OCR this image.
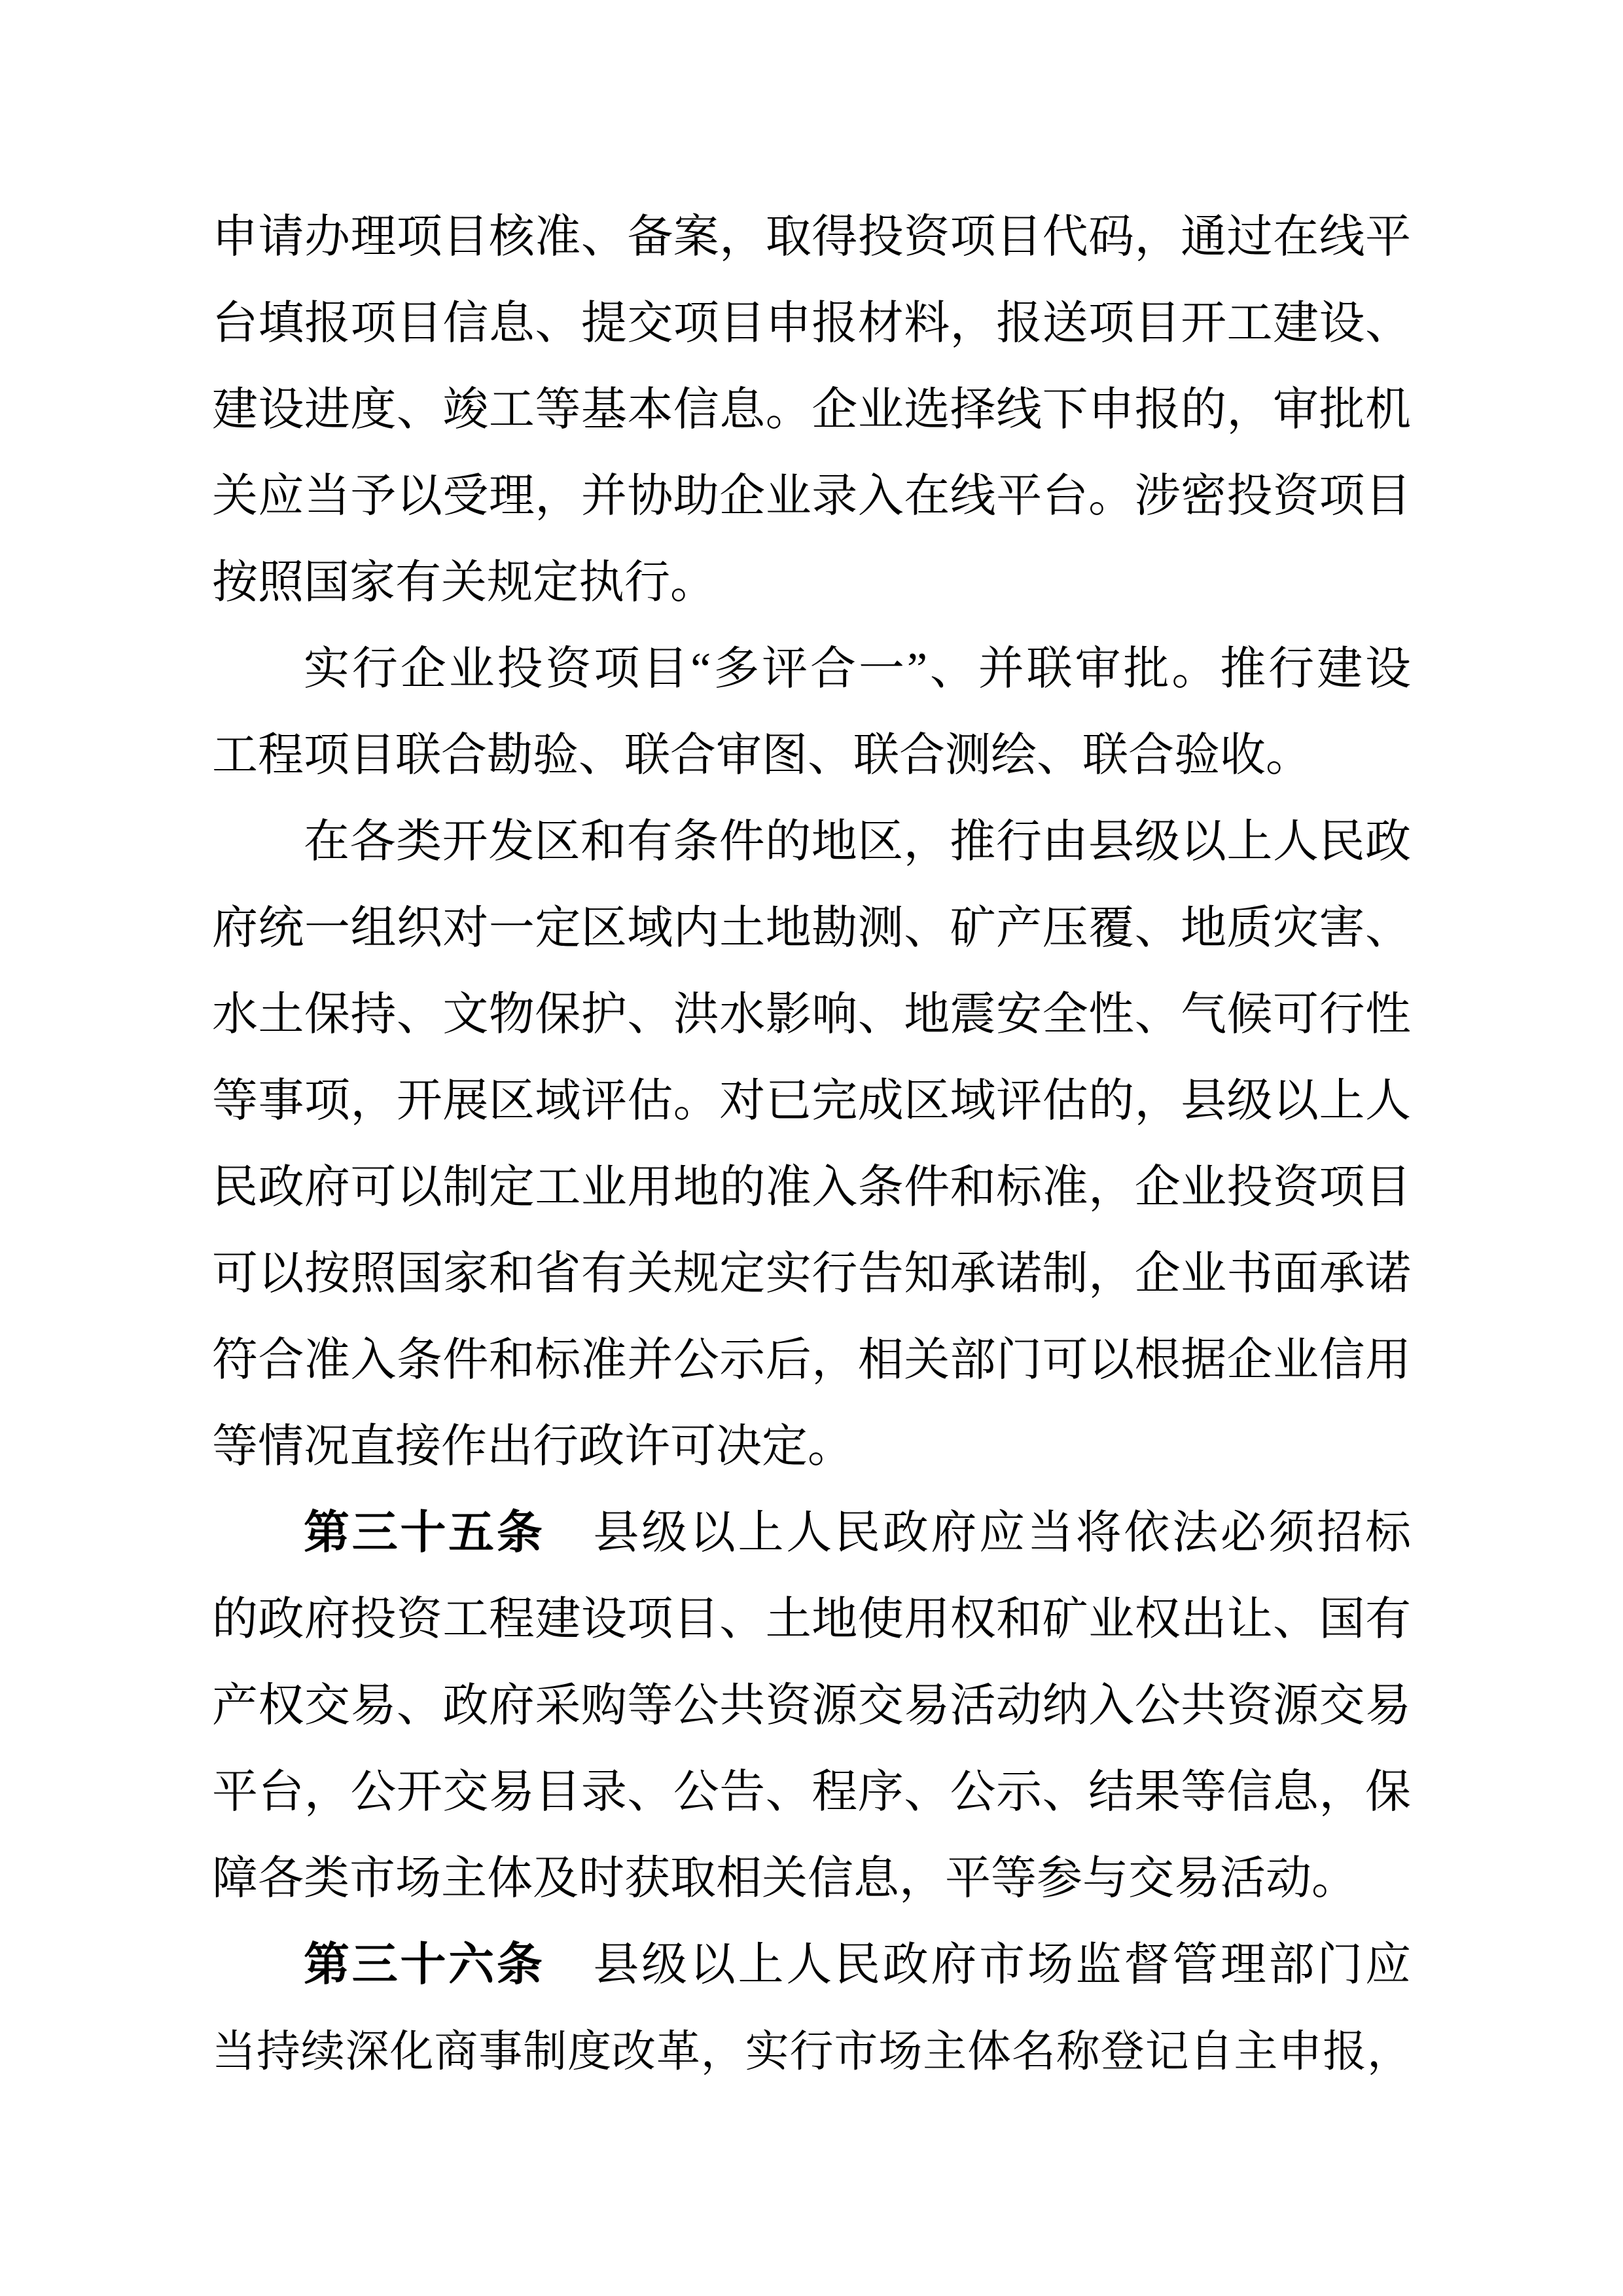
申请办理项目核准、备案，取得投资项目代码，通过在线平
台填报项目信息、提交项目申报材料，报送项目开工建设、
建设进度、竣工等基本信息。企业选择线下申报的，审批机
关应当予以受理，并协助企业录入在线平台。涉密投资项目
按照国家有关规定执行。
实行企业投资项目“多评合一”、并联审批。推行建设
工程项目联合勘验、联合审图、联合测绘、联合验收。
在各类开发区和有条件的地区，推行由县级以上人民政
府统一组织对一定区域内土地勘测、矿产压覆、地质灾害、
水土保持、文物保护、洪水影响、地震安全性、气候可行性
等事项，开展区域评估。对已完成区域评估的，县级以上人
民政府可以制定工业用地的准入条件和标准，企业投资项目
可以按照国家和省有关规定实行告知承诺制，企业书面承诺
符合准入条件和标准并公示后，相关部门可以根据企业信用
等情况直接作出行政许可决定。
第三十五条　县级以上人民政府应当将依法必须招标
的政府投资工程建设项目、土地使用权和矿业权出让、国有
产权交易、政府采购等公共资源交易活动纳入公共资源交易
平台，公开交易目录、公告、程序、公示、结果等信息，保
障各类市场主体及时获取相关信息，平等参与交易活动。
第三十六条　县级以上人民政府市场监督管理部门应
当持续深化商事制度改革，实行市场主体名称登记自主申报，
